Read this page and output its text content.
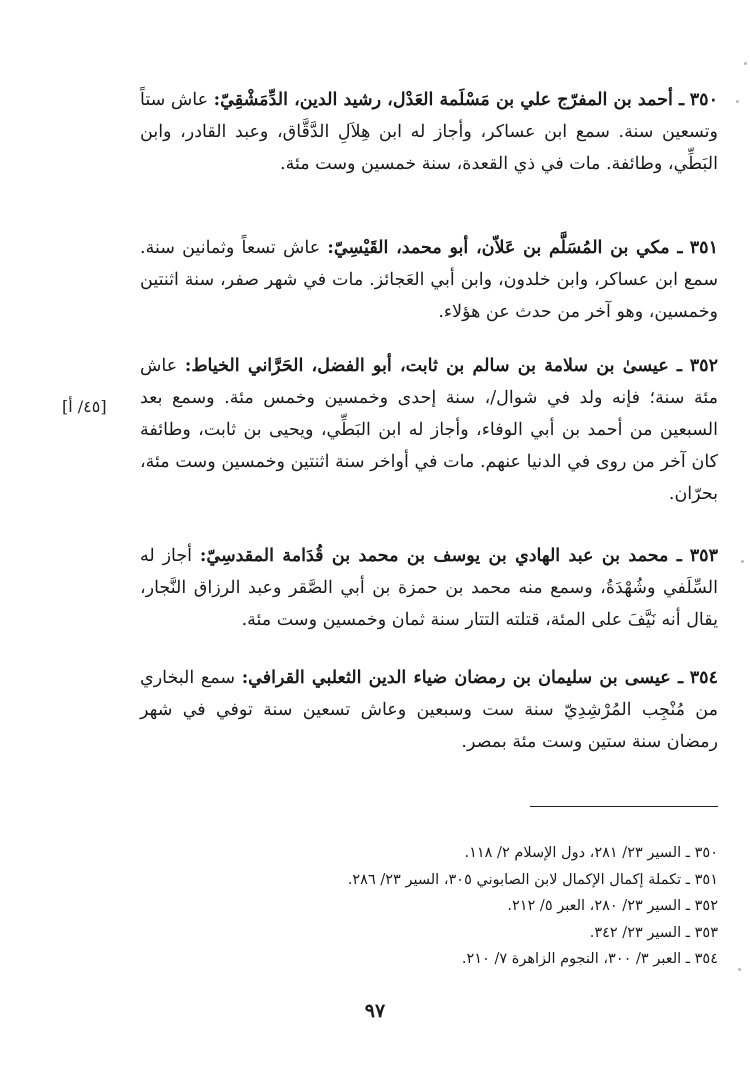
٣٥٠ ـ أحمد بن المفرّج علي بن مَسْلَمة العَدْل، رشيد الدين، الدِّمَشْقِيّ: عاش ستاً وتسعين سنة. سمع ابن عساكر، وأجاز له ابن هِلاَلِ الدَّقَّاق، وعبد القادر، وابن البَطِّي، وطائفة. مات في ذي القعدة، سنة خمسين وست مئة.
٣٥١ ـ مكي بن المُسَلَّم بن عَلاّن، أبو محمد، القَيْسِيّ: عاش تسعاً وثمانين سنة. سمع ابن عساكر، وابن خلدون، وابن أبي العَجائز. مات في شهر صفر، سنة اثنتين وخمسين، وهو آخر من حدث عن هؤلاء.
٣٥٢ ـ عيسىٰ بن سلامة بن سالم بن ثابت، أبو الفضل، الحَرَّاني الخياط: عاش مئة سنة؛ فإنه ولد في شوال/، سنة إحدى وخمسين وخمس مئة. وسمع بعد السبعين من أحمد بن أبي الوفاء، وأجاز له ابن البَطِّي، ويحيى بن ثابت، وطائفة كان آخر من روى في الدنيا عنهم. مات في أواخر سنة اثنتين وخمسين وست مئة، بحرّان.
[٤٥/ أ]
٣٥٣ ـ محمد بن عبد الهادي بن يوسف بن محمد بن قُدَامة المقدسِيّ: أجاز له السِّلَفي وشُهْدَةُ، وسمع منه محمد بن حمزة بن أبي الصَّقر وعبد الرزاق النَّجار، يقال أنه نَيَّفَ على المئة، قتلته التتار سنة ثمان وخمسين وست مئة.
٣٥٤ ـ عيسى بن سليمان بن رمضان ضياء الدين الثعلبي القرافي: سمع البخاري من مُنْجِب المُرْشِدِيّ سنة ست وسبعين وعاش تسعين سنة توفي في شهر رمضان سنة ستين وست مئة بمصر.
٣٥٠ ـ السير ٢٣/ ٢٨١، دول الإسلام ٢/ ١١٨.
٣٥١ ـ تكملة إكمال الإكمال لابن الصابوني ٣٠٥، السير ٢٣/ ٢٨٦.
٣٥٢ ـ السير ٢٣/ ٢٨٠، العبر ٥/ ٢١٢.
٣٥٣ ـ السير ٢٣/ ٣٤٢.
٣٥٤ ـ العبر ٣/ ٣٠٠، النجوم الزاهرة ٧/ ٢١٠.
٩٧
